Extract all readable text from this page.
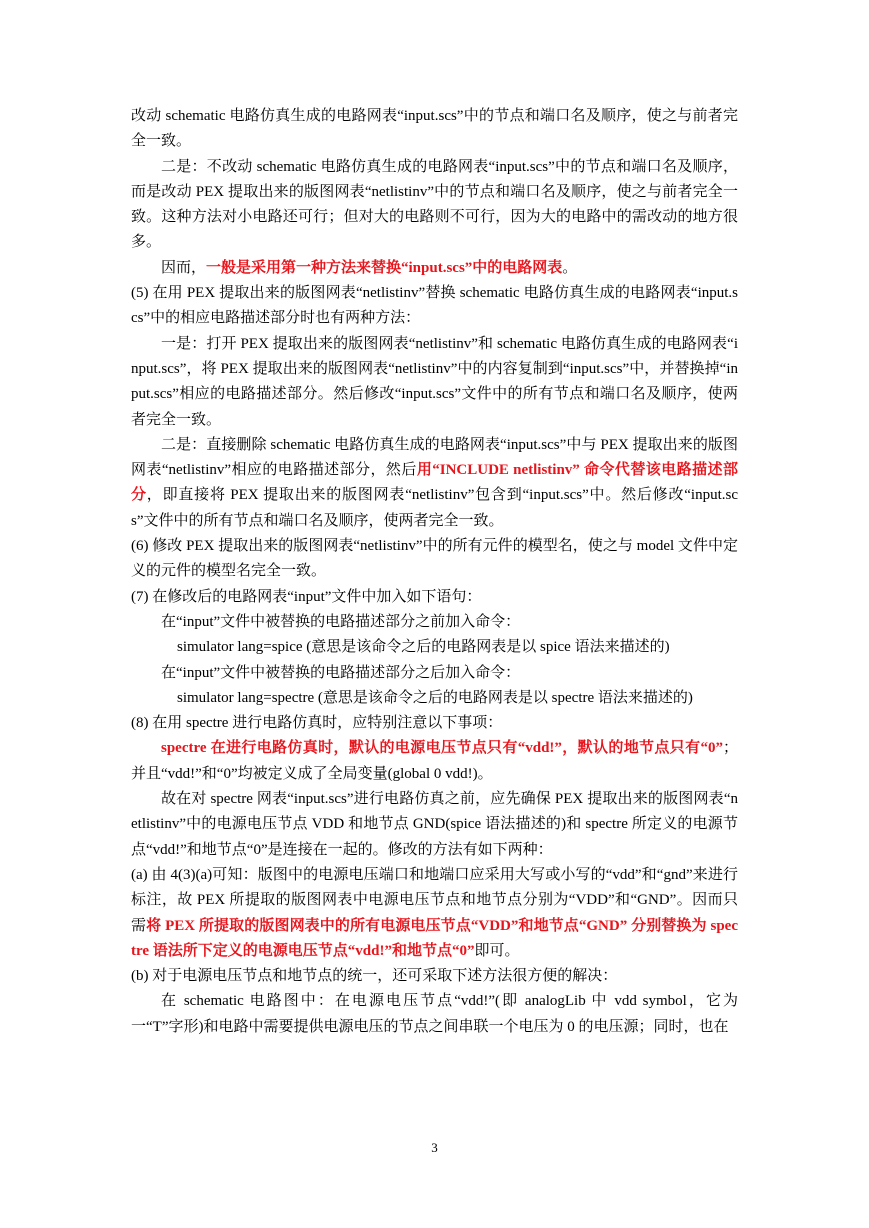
改动 schematic 电路仿真生成的电路网表“input.scs”中的节点和端口名及顺序，使之与前者完全一致。

二是：不改动 schematic 电路仿真生成的电路网表“input.scs”中的节点和端口名及顺序，而是改动 PEX 提取出来的版图网表“netlistinv”中的节点和端口名及顺序，使之与前者完全一致。这种方法对小电路还可行；但对大的电路则不可行，因为大的电路中的需改动的地方很多。

因而，一般是采用第一种方法来替换“input.scs”中的电路网表。

(5) 在用 PEX 提取出来的版图网表“netlistinv”替换 schematic 电路仿真生成的电路网表“input.scs”中的相应电路描述部分时也有两种方法：

一是：打开 PEX 提取出来的版图网表“netlistinv”和 schematic 电路仿真生成的电路网表“input.scs”，将 PEX 提取出来的版图网表“netlistinv”中的内容复制到“input.scs”中，并替换掉“input.scs”相应的电路描述部分。然后修改“input.scs”文件中的所有节点和端口名及顺序，使两者完全一致。

二是：直接删除 schematic 电路仿真生成的电路网表“input.scs”中与 PEX 提取出来的版图网表“netlistinv”相应的电路描述部分，然后用“INCLUDE netlistinv” 命令代替该电路描述部分，即直接将 PEX 提取出来的版图网表“netlistinv”包含到“input.scs”中。然后修改“input.scs”文件中的所有节点和端口名及顺序，使两者完全一致。

(6) 修改 PEX 提取出来的版图网表“netlistinv”中的所有元件的模型名，使之与 model 文件中定义的元件的模型名完全一致。

(7) 在修改后的电路网表“input”文件中加入如下语句：

在“input”文件中被替换的电路描述部分之前加入命令：

simulator lang=spice (意思是该命令之后的电路网表是以 spice 语法来描述的)

在“input”文件中被替换的电路描述部分之后加入命令：

simulator lang=spectre (意思是该命令之后的电路网表是以 spectre 语法来描述的)

(8) 在用 spectre 进行电路仿真时，应特别注意以下事项：

spectre 在进行电路仿真时，默认的电源电压节点只有“vdd!”，默认的地节点只有“0”；并且“vdd!”和“0”均被定义成了全局变量(global 0 vdd!)。

故在对 spectre 网表“input.scs”进行电路仿真之前，应先确保 PEX 提取出来的版图网表“netlistinv”中的电源电压节点 VDD 和地节点 GND(spice 语法描述的)和 spectre 所定义的电源节点“vdd!”和地节点“0”是连接在一起的。修改的方法有如下两种：

(a) 由 4(3)(a)可知：版图中的电源电压端口和地端口应采用大写或小写的“vdd”和“gnd”来进行标注，故 PEX 所提取的版图网表中电源电压节点和地节点分别为“VDD”和“GND”。因而只需将 PEX 所提取的版图网表中的所有电源电压节点“VDD”和地节点“GND” 分别替换为 spectre 语法所下定义的电源电压节点“vdd!”和地节点“0”即可。

(b) 对于电源电压节点和地节点的统一，还可采取下述方法很方便的解决：

在 schematic 电路图中：在电源电压节点“vdd!”(即 analogLib 中 vdd symbol，它为一“T”字形)和电路中需要提供电源电压的节点之间串联一个电压为 0 的电压源；同时，也在

3
